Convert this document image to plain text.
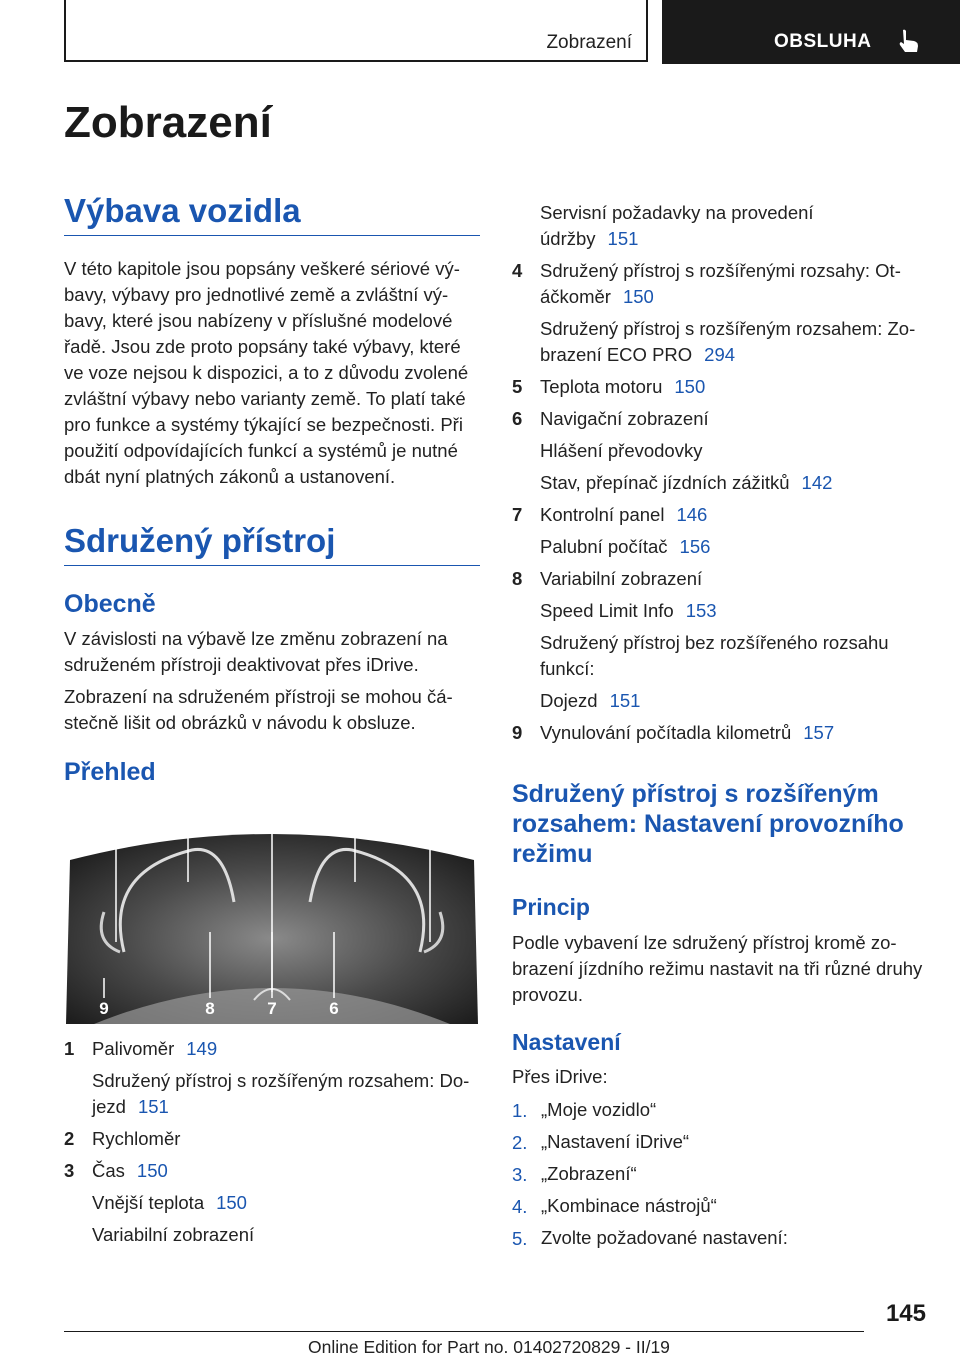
Zobrazení	OBSLUHA
Zobrazení
Výbava vozidla
V této kapitole jsou popsány veškeré sériové vý‐
bavy, výbavy pro jednotlivé země a zvláštní vý‐
bavy, které jsou nabízeny v příslušné modelové
řadě. Jsou zde proto popsány také výbavy, které
ve voze nejsou k dispozici, a to z důvodu zvolené
zvláštní výbavy nebo varianty země. To platí také
pro funkce a systémy týkající se bezpečnosti. Při
použití odpovídajících funkcí a systémů je nutné
dbát nyní platných zákonů a ustanovení.
Sdružený přístroj
Obecně
V závislosti na výbavě lze změnu zobrazení na
sdruženém přístroji deaktivovat přes iDrive.
Zobrazení na sdruženém přístroji se mohou čá‐
stečně lišit od obrázků v návodu k obsluze.
Přehled
1	2	3	4	5
9	8	7	6
1 Palivoměr 149
Sdružený přístroj s rozšířeným rozsahem: Do‐
jezd 151
2 Rychloměr
3 Čas 150
Vnější teplota 150
Variabilní zobrazení
Servisní požadavky na provedení
údržby 151
4 Sdružený přístroj s rozšířenými rozsahy: Ot‐
áčkoměr 150
Sdružený přístroj s rozšířeným rozsahem: Zo‐
brazení ECO PRO 294
5 Teplota motoru 150
6 Navigační zobrazení
Hlášení převodovky
Stav, přepínač jízdních zážitků 142
7 Kontrolní panel 146
Palubní počítač 156
8 Variabilní zobrazení
Speed Limit Info 153
Sdružený přístroj bez rozšířeného rozsahu
funkcí:
Dojezd 151
9 Vynulování počítadla kilometrů 157
Sdružený přístroj s rozšířeným
rozsahem: Nastavení provozního
režimu
Princip
Podle vybavení lze sdružený přístroj kromě zo‐
brazení jízdního režimu nastavit na tři různé druhy
provozu.
Nastavení

Přes iDrive:

1. „Moje vozidlo“
2. „Nastavení iDrive“
3. „Zobrazení“
4. „Kombinace nástrojů“
5. Zvolte požadované nastavení:
145
Online Edition for Part no. 01402720829 - II/19
